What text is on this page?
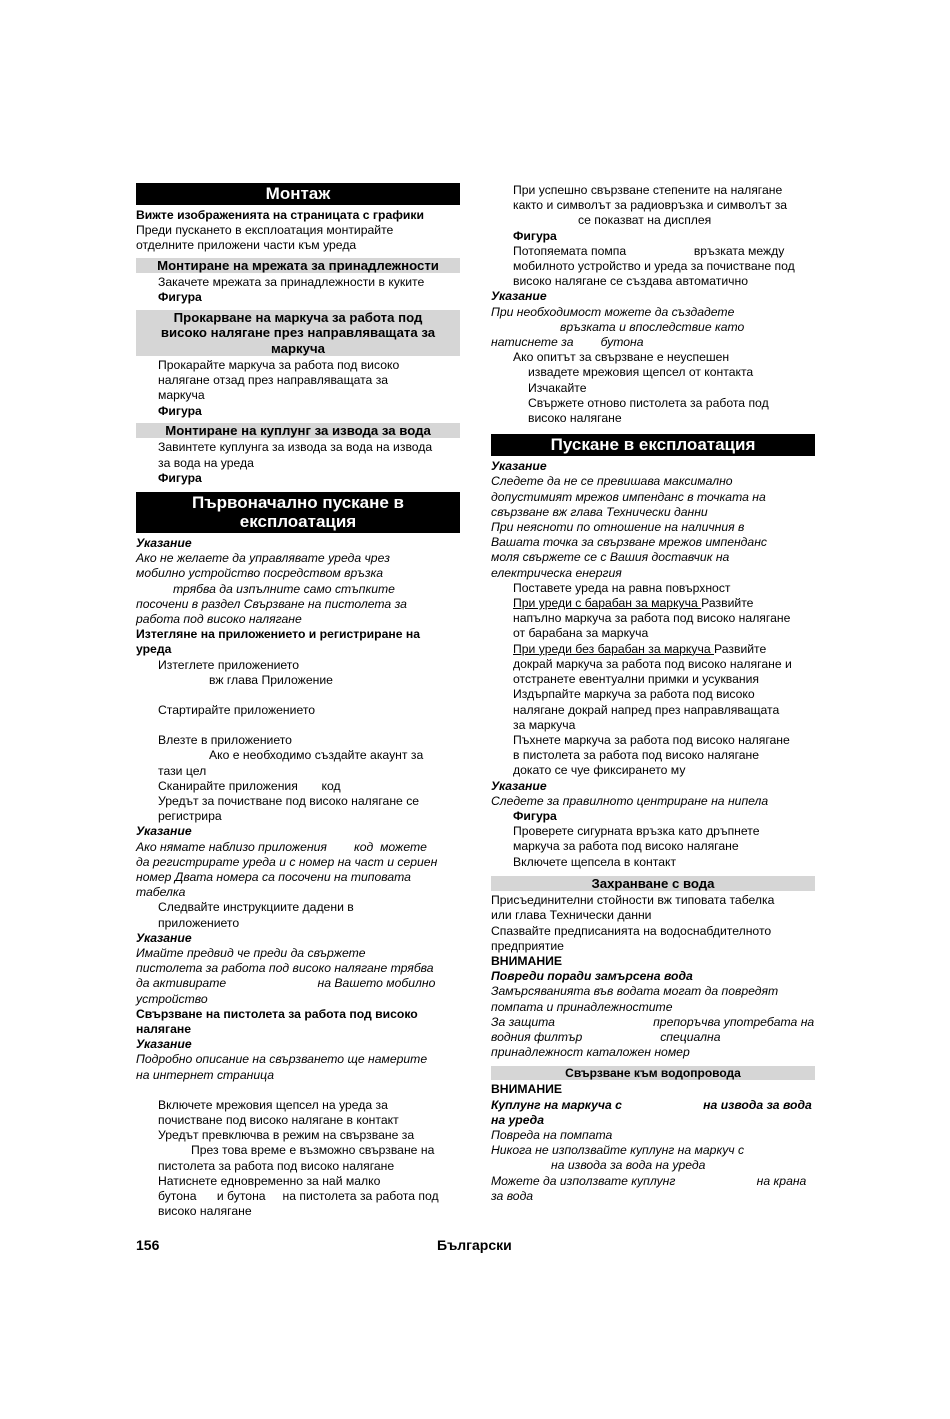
Монтаж
Вижте изображенията на страницата с графики
Преди пускането в експлоатация монтирайте
отделните приложени части към уреда
Монтиране на мрежата за принадлежности
Закачете мрежата за принадлежности в куките
Фигура
Прокарване на маркуча за работа под
високо налягане през направляващата за
маркуча
Прокарайте маркуча за работа под високо
налягане отзад през направляващата за
маркуча
Фигура
Монтиране на куплунг за извода за вода
Завинтете куплунга за извода за вода на извода
за вода на уреда
Фигура
Първоначално пускане в
експлоатация
Указание
Ако не желаете да управлявате уреда чрез
мобилно устройство посредством връзка
трябва да изпълните само стъпките
посочени в раздел Свързване на пистолета за
работа под високо налягане
Изтегляне на приложението и регистриране на
уреда
Изтеглете приложението
вж глава Приложение
Стартирайте приложението
Влезте в приложението
Ако е необходимо създайте акаунт за
тази цел
Сканирайте приложения       код
Уредът за почистване под високо налягане се
регистрира
Указание
Ако нямате наблизо приложения        код  можете
да регистрирате уреда и с номер на част и сериен
номер Двата номера са посочени на типовата
табелка
Следвайте инструкциите дадени в
приложението
Указание
Имайте предвид че преди да свържете
пистолета за работа под високо налягане трябва
да активирате                           на Вашето мобилно
устройство
Свързване на пистолета за работа под високо
налягане
Указание
Подробно описание на свързването ще намерите
на интернет страница
Включете мрежовия щепсел на уреда за
почистване под високо налягане в контакт
Уредът превключва в режим на свързване за
През това време е възможно свързване на
пистолета за работа под високо налягане
Натиснете едновременно за най малко
бутона      и бутона     на пистолета за работа под
високо налягане
При успешно свързване степените на налягане
както и символът за радиовръзка и символът за
се показват на дисплея
Фигура
Потопяемата помпа                    връзката между
мобилното устройство и уреда за почистване под
високо налягане се създава автоматично
Указание
При необходимост можете да създадете
връзката и впоследствие като
натиснете за        бутона
Ако опитът за свързване е неуспешен
извадете мрежовия щепсел от контакта
Изчакайте
Свържете отново пистолета за работа под
високо налягане
Пускане в експлоатация
Указание
Следете да не се превишава максимално
допустимият мрежов импенданс в точката на
свързване вж глава Технически данни
При неясноти по отношение на наличния в
Вашата точка за свързване мрежов импенданс
моля свържете се с Вашия доставчик на
електрическа енергия
Поставете уреда на равна повърхност
При уреди с барабан за маркуча Развийте
напълно маркуча за работа под високо налягане
от барабана за маркуча
При уреди без барабан за маркуча Развийте
докрай маркуча за работа под високо налягане и
отстранете евентуални примки и усуквания
Издърпайте маркуча за работа под високо
налягане докрай напред през направляващата
за маркуча
Пъхнете маркуча за работа под високо налягане
в пистолета за работа под високо налягане
докато се чуе фиксирането му
Указание
Следете за правилното центриране на нипела
Фигура
Проверете сигурната връзка като дръпнете
маркуча за работа под високо налягане
Включете щепсела в контакт
Захранване с вода
Присъединителни стойности вж типовата табелка
или глава Технически данни
Спазвайте предписанията на водоснабдителното
предприятие
ВНИМАНИЕ
Повреди поради замърсена вода
Замърсяванията във водата могат да повредят
помпата и принадлежностите
За защита                             препоръчва употребата на
водния филтър                       специална
принадлежност каталожен номер
Свързване към водопровода
ВНИМАНИЕ
Куплунг на маркуча с                        на извода за вода
на уреда
Повреда на помпата
Никога не използвайте куплунг на маркуч с
на извода за вода на уреда
Можете да използвате куплунг                        на крана
за вода
156	Български
